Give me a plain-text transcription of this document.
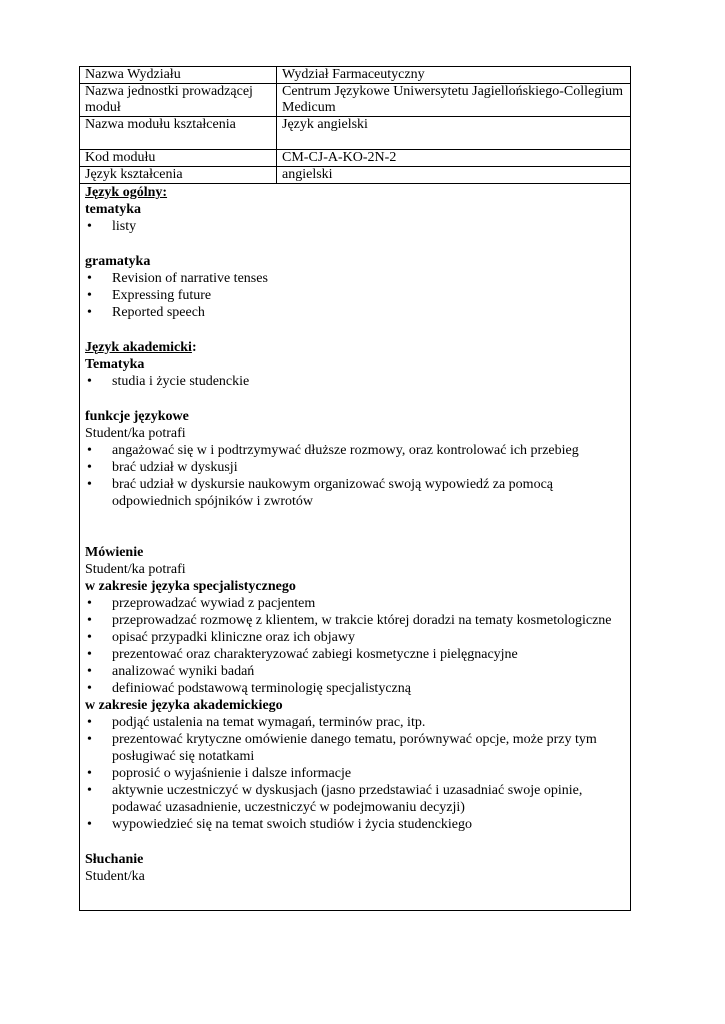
Nazwa Wydziału	Wydział Farmaceutyczny
Nazwa jednostki prowadzącej moduł	Centrum Językowe Uniwersytetu Jagiellońskiego-Collegium Medicum
Nazwa modułu kształcenia	Język angielski
Kod modułu	CM-CJ-A-KO-2N-2
Język kształcenia	angielski
Język ogólny:
tematyka
• listy
gramatyka
• Revision of narrative tenses
• Expressing future
• Reported speech
Język akademicki:
Tematyka
• studia i życie studenckie
funkcje językowe
Student/ka potrafi
• angażować się w i podtrzymywać dłuższe rozmowy, oraz kontrolować ich przebieg
• brać udział w dyskusji
• brać udział w dyskursie naukowym organizować swoją wypowiedź za pomocą odpowiednich spójników i zwrotów
Mówienie
Student/ka potrafi
w zakresie języka specjalistycznego
• przeprowadzać wywiad z pacjentem
• przeprowadzać rozmowę z klientem, w trakcie której doradzi na tematy kosmetologiczne
• opisać przypadki kliniczne oraz ich objawy
• prezentować oraz charakteryzować zabiegi kosmetyczne i pielęgnacyjne
• analizować wyniki badań
• definiować podstawową terminologię specjalistyczną
w zakresie języka akademickiego
• podjąć ustalenia na temat wymagań, terminów prac, itp.
• prezentować krytyczne omówienie danego tematu, porównywać opcje, może przy tym posługiwać się notatkami
• poprosić o wyjaśnienie i dalsze informacje
• aktywnie uczestniczyć w dyskusjach (jasno przedstawiać i uzasadniać swoje opinie, podawać uzasadnienie, uczestniczyć w podejmowaniu decyzji)
• wypowiedzieć się na temat swoich studiów i życia studenckiego
Słuchanie
Student/ka
